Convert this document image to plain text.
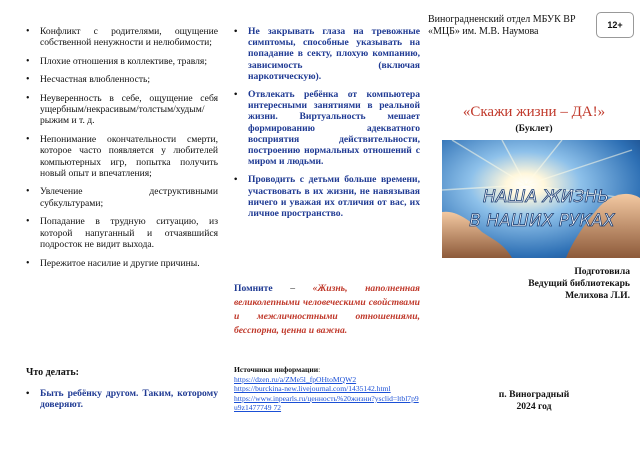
• Конфликт с родителями, ощущение собственной ненужности и нелюбимости;
• Плохие отношения в коллективе, травля;
• Несчастная влюбленность;
• Неуверенность в себе, ощущение себя ущербным/некрасивым/толстым/худым/рыжим и т. д.
• Непонимание окончательности смерти, которое часто появляется у любителей компьютерных игр, попытка получить новый опыт и впечатления;
• Увлечение деструктивными субкультурами;
• Попадание в трудную ситуацию, из которой напуганный и отчаявшийся подросток не видит выхода.
• Пережитое насилие и другие причины.
Что делать:
• Быть ребёнку другом. Таким, которому доверяют.
• Не закрывать глаза на тревожные симптомы, способные указывать на попадание в секту, плохую компанию, зависимость (включая наркотическую).
• Отвлекать ребёнка от компьютера интересными занятиями в реальной жизни. Виртуальность мешает формированию адекватного восприятия действительности, построению нормальных отношений с миром и людьми.
• Проводить с детьми больше времени, участвовать в их жизни, не навязывая ничего и уважая их отличия от вас, их личное пространство.

Помните – «Жизнь, наполненная великолепными человеческими свойствами и межличностными отношениями, бесспорна, ценна и важна.

Источники информации:
https://dzen.ru/a/ZMe5l_fpOHtoMQW2
https://burckina-new.livejournal.com/1435142.html
https://www.inpearls.ru/ценность%20жизни?ysclid=ltbl7p9u9z1477749 72
Виноградненский отдел МБУК ВР «МЦБ» им. М.В. Наумова
12+
«Скажи жизни – ДА!»
(Буклет)
НАША ЖИЗНЬ
В НАШИХ РУКАХ
Подготовила
Ведущий библиотекарь
Мелихова Л.И.
п. Виноградный
2024 год
